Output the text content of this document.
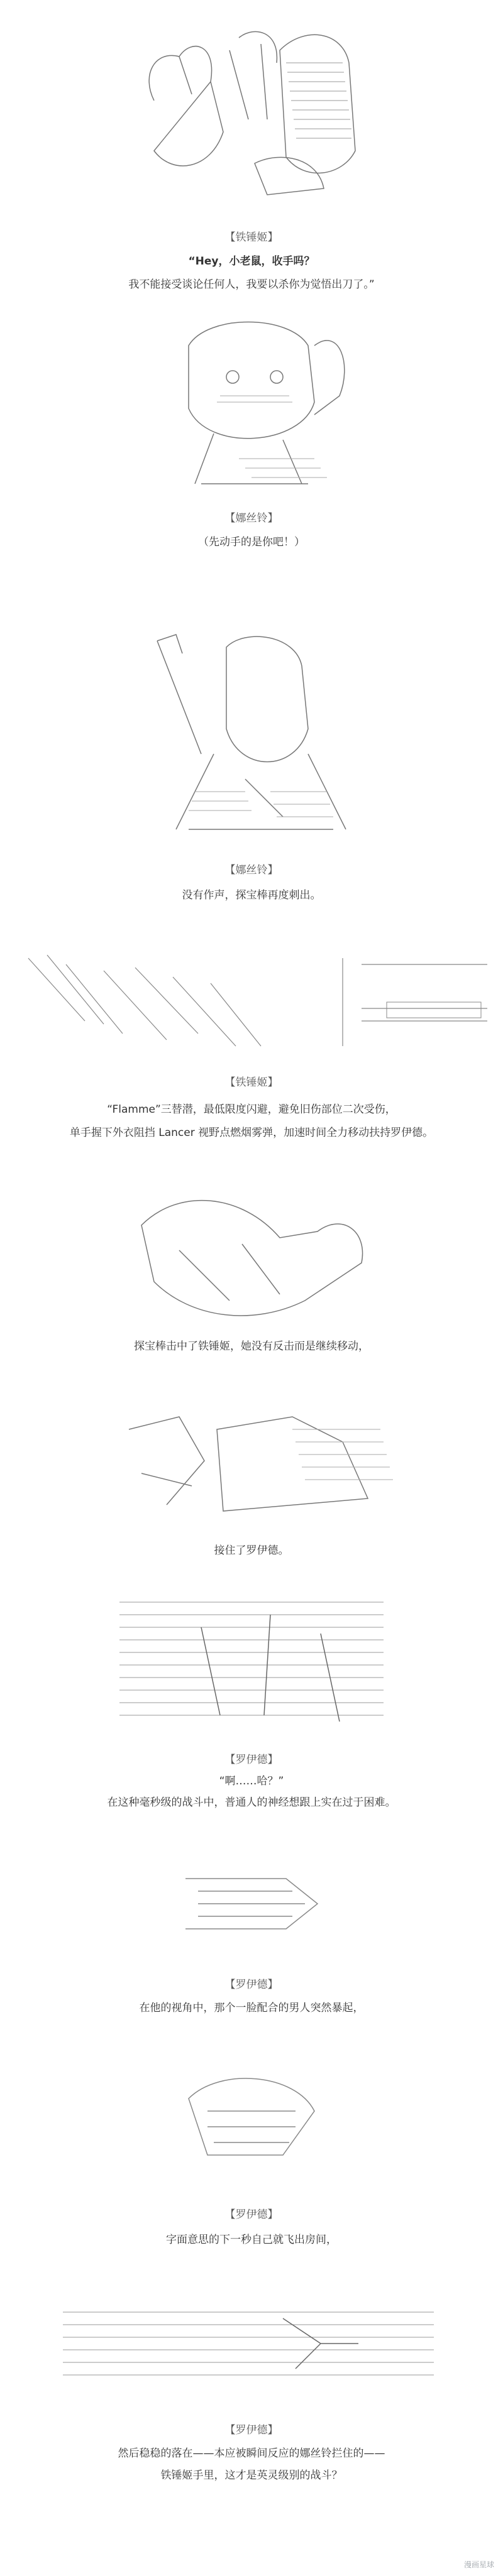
【铁锤姬】
“Hey，小老鼠，收手吗？
我不能接受谈论任何人，我要以杀你为觉悟出刀了。”
【娜丝铃】
（先动手的是你吧！）
【娜丝铃】
没有作声，探宝棒再度刺出。
【铁锤姬】
“Flamme”三替潜，最低限度闪避，避免旧伤部位二次受伤，
单手握下外衣阻挡 Lancer 视野点燃烟雾弹，加速时间全力移动扶持罗伊德。
探宝棒击中了铁锤姬，她没有反击而是继续移动，
接住了罗伊德。
【罗伊德】
“啊……哈？”
在这种毫秒级的战斗中，普通人的神经想跟上实在过于困难。
【罗伊德】
在他的视角中，那个一脸配合的男人突然暴起，
【罗伊德】
字面意思的下一秒自己就飞出房间，
【罗伊德】
然后稳稳的落在——本应被瞬间反应的娜丝铃拦住的——
铁锤姬手里，这才是英灵级别的战斗？
漫画星球
